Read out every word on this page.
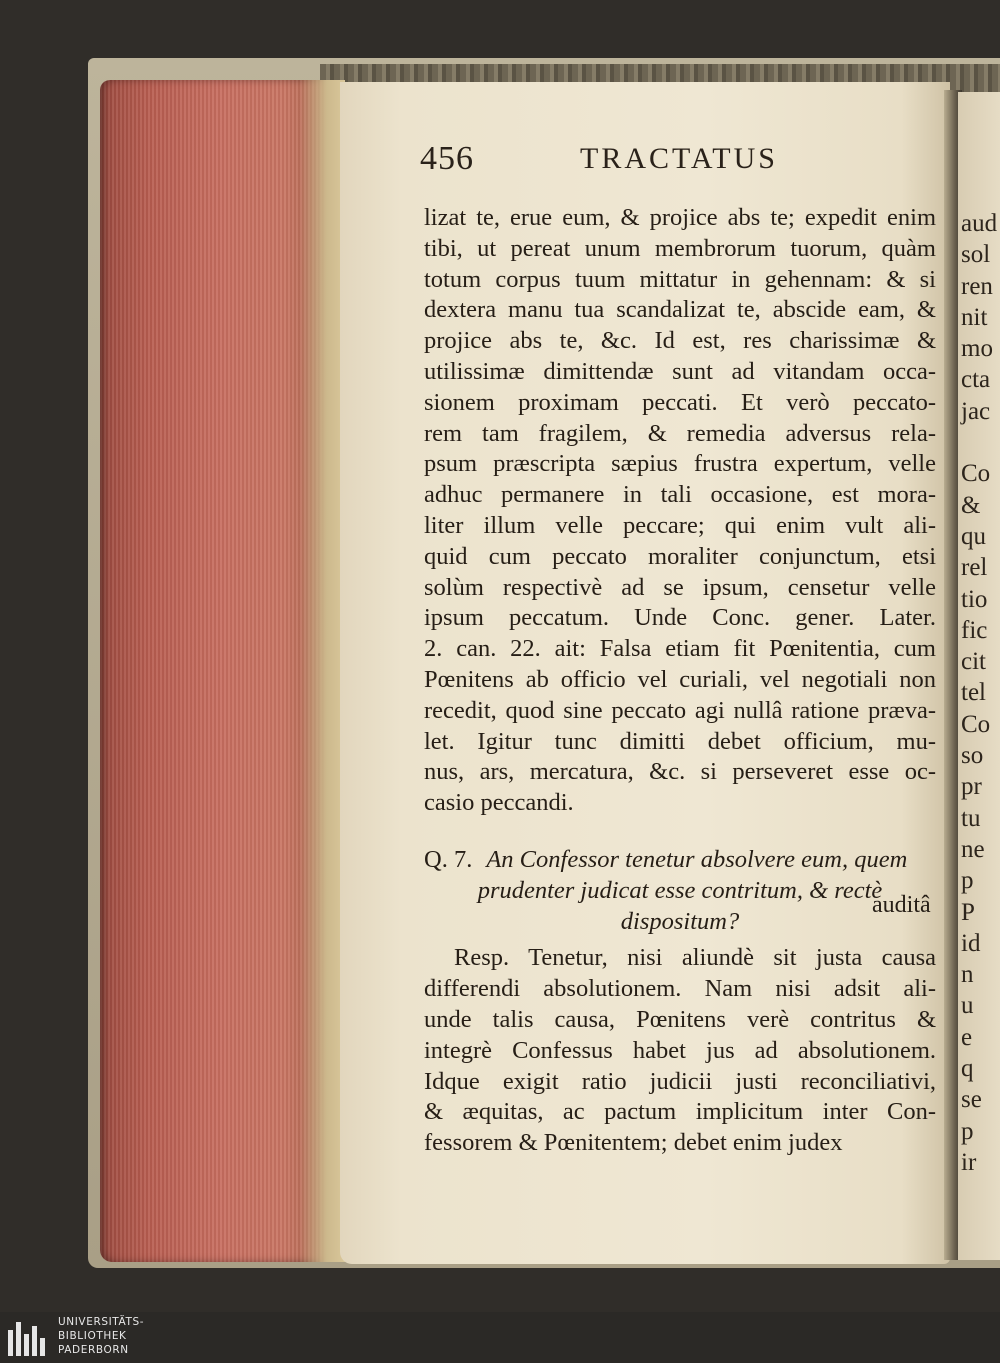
aud
sol
ren
nit
mo
cta
jac

Co
&
qu
rel
tio
fic
cit
tel
Co
so
pr
tu
ne
p
P
id
n
u
e
q
se
p
ir
456	TRACTATUS
lizat te, erue eum, & projice abs te; expedit enim
tibi, ut pereat unum membrorum tuorum, quàm
totum corpus tuum mittatur in gehennam: & si
dextera manu tua scandalizat te, abscide eam, &
projice abs te, &c. Id est, res charissimæ &
utilissimæ dimittendæ sunt ad vitandam occa-
sionem proximam peccati. Et verò peccato-
rem tam fragilem, & remedia adversus rela-
psum præscripta sæpius frustra expertum, velle
adhuc permanere in tali occasione, est mora-
liter illum velle peccare; qui enim vult ali-
quid cum peccato moraliter conjunctum, etsi
solùm respectivè ad se ipsum, censetur velle
ipsum peccatum. Unde Conc. gener. Later.
2. can. 22. ait: Falsa etiam fit Pœnitentia, cum
Pœnitens ab officio vel curiali, vel negotiali non
recedit, quod sine peccato agi nullâ ratione præva-
let. Igitur tunc dimitti debet officium, mu-
nus, ars, mercatura, &c. si perseveret esse oc-
casio peccandi.
Q. 7. An Confessor tenetur absolvere eum, quem
prudenter judicat esse contritum, & rectè
dispositum?
Resp. Tenetur, nisi aliundè sit justa causa
differendi absolutionem. Nam nisi adsit ali-
unde talis causa, Pœnitens verè contritus &
integrè Confessus habet jus ad absolutionem.
Idque exigit ratio judicii justi reconciliativi,
& æquitas, ac pactum implicitum inter Con-
fessorem & Pœnitentem; debet enim judex
auditâ
UNIVERSITÄTS-
BIBLIOTHEK
PADERBORN
